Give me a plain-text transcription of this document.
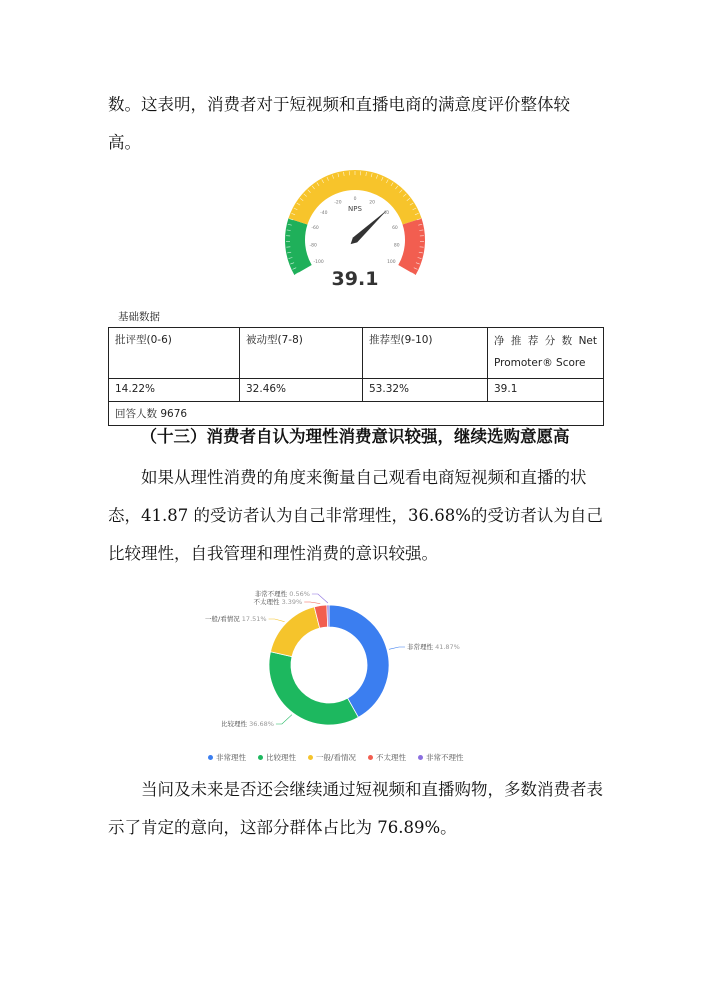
数。这表明，消费者对于短视频和直播电商的满意度评价整体较
高。

-100
-80
-60
-40
-20
0
20
40
60
80
100
NPS
39.1
基础数据
批评型(0-6)	被动型(7-8)	推荐型(9-10)	净 推 荐 分 数 Net Promoter® Score
14.22%	32.46%	53.32%	39.1
回答人数 9676			
（十三）消费者自认为理性消费意识较强，继续选购意愿高

如果从理性消费的角度来衡量自己观看电商短视频和直播的状态，41.87 的受访者认为自己非常理性，36.68%的受访者认为自己比较理性，自我管理和理性消费的意识较强。

非常理性 41.87%
比较理性 36.68%
一般/看情况 17.51%
不太理性 3.39%
非常不理性 0.56%
非常理性	比较理性	一般/看情况	不太理性	非常不理性

当问及未来是否还会继续通过短视频和直播购物，多数消费者表示了肯定的意向，这部分群体占比为 76.89%。
